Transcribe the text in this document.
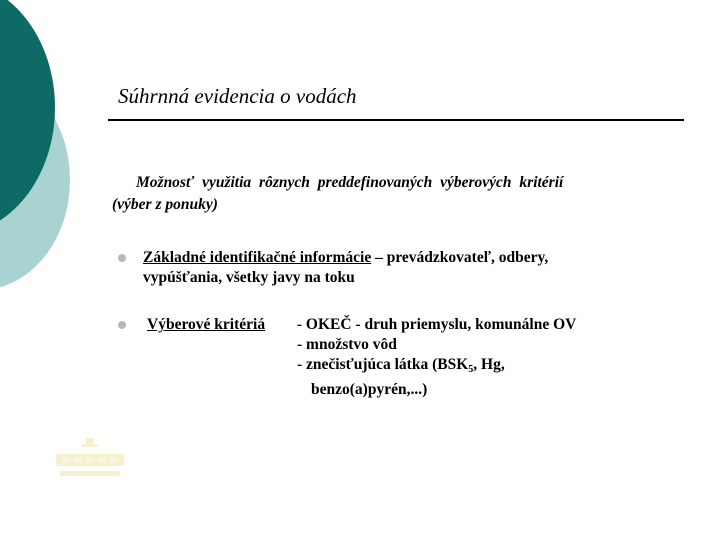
Súhrnná evidencia o vodách
Možnosť využitia rôznych preddefinovaných výberových kritérií
(výber z ponuky)
Základné identifikačné informácie – prevádzkovateľ, odbery,
vypúšťania, všetky javy na toku
Výberové kritériá	- OKEČ - druh priemyslu, komunálne OV
- množstvo vôd
- znečisťujúca látka ($BSK_5$, Hg,
benzo(a)pyrén,...)
